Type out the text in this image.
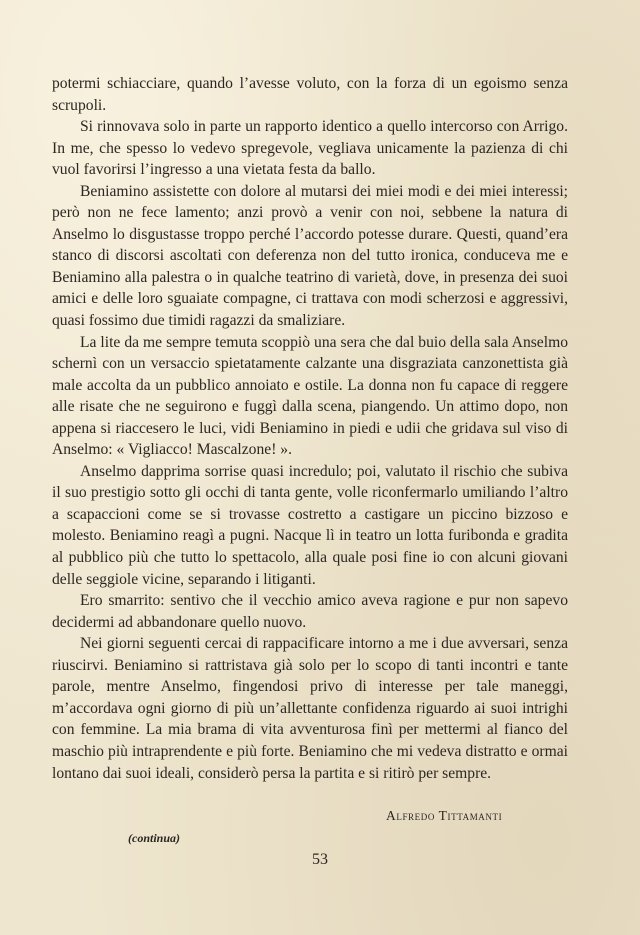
potermi schiacciare, quando l’avesse voluto, con la forza di un egoismo senza scrupoli.

Si rinnovava solo in parte un rapporto identico a quello intercorso con Arrigo. In me, che spesso lo vedevo spregevole, vegliava unicamente la pazienza di chi vuol favorirsi l’ingresso a una vietata festa da ballo.

Beniamino assistette con dolore al mutarsi dei miei modi e dei miei interessi; però non ne fece lamento; anzi provò a venir con noi, sebbene la natura di Anselmo lo disgustasse troppo perché l’accordo potesse durare. Questi, quand’era stanco di discorsi ascoltati con deferenza non del tutto ironica, conduceva me e Beniamino alla palestra o in qualche teatrino di varietà, dove, in presenza dei suoi amici e delle loro sguaiate compagne, ci trattava con modi scherzosi e aggressivi, quasi fossimo due timidi ragazzi da smaliziare.

La lite da me sempre temuta scoppiò una sera che dal buio della sala Anselmo schernì con un versaccio spietatamente calzante una disgraziata canzonettista già male accolta da un pubblico annoiato e ostile. La donna non fu capace di reggere alle risate che ne seguirono e fuggì dalla scena, piangendo. Un attimo dopo, non appena si riaccesero le luci, vidi Beniamino in piedi e udii che gridava sul viso di Anselmo: « Vigliacco! Mascalzone! ».

Anselmo dapprima sorrise quasi incredulo; poi, valutato il rischio che subiva il suo prestigio sotto gli occhi di tanta gente, volle riconfermarlo umiliando l’altro a scapaccioni come se si trovasse costretto a castigare un piccino bizzoso e molesto. Beniamino reagì a pugni. Nacque lì in teatro un lotta furibonda e gradita al pubblico più che tutto lo spettacolo, alla quale posi fine io con alcuni giovani delle seggiole vicine, separando i litiganti.

Ero smarrito: sentivo che il vecchio amico aveva ragione e pur non sapevo decidermi ad abbandonare quello nuovo.

Nei giorni seguenti cercai di rappacificare intorno a me i due avversari, senza riuscirvi. Beniamino si rattristava già solo per lo scopo di tanti incontri e tante parole, mentre Anselmo, fingendosi privo di interesse per tale maneggi, m’accordava ogni giorno di più un’allettante confidenza riguardo ai suoi intrighi con femmine. La mia brama di vita avventurosa finì per mettermi al fianco del maschio più intraprendente e più forte. Beniamino che mi vedeva distratto e ormai lontano dai suoi ideali, considerò persa la partita e si ritirò per sempre.

Alfredo Tittamanti
(continua)
53
